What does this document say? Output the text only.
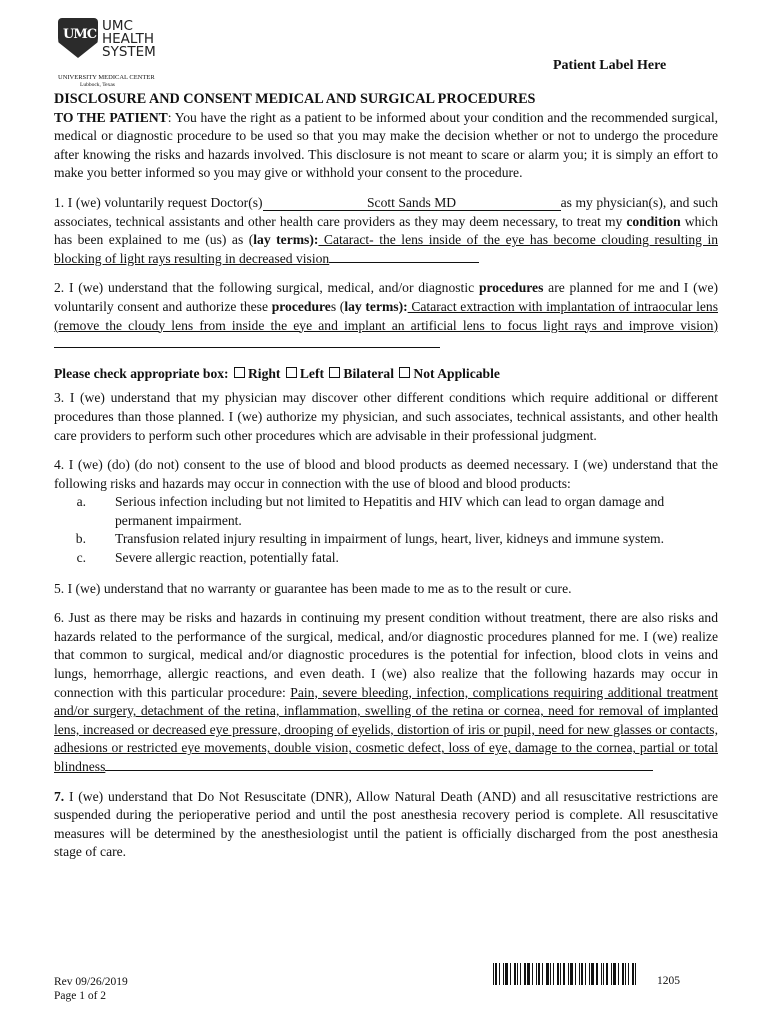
UMC
UMC
HEALTH
SYSTEM
UNIVERSITY MEDICAL CENTER
Lubbock, Texas
Patient Label Here

DISCLOSURE AND CONSENT MEDICAL AND SURGICAL PROCEDURES

TO THE PATIENT: You have the right as a patient to be informed about your condition and the recommended surgical, medical or diagnostic procedure to be used so that you may make the decision whether or not to undergo the procedure after knowing the risks and hazards involved. This disclosure is not meant to scare or alarm you; it is simply an effort to make you better informed so you may give or withhold your consent to the procedure.

1. I (we) voluntarily request Doctor(s)	Scott Sands MD	as my physician(s), and such associates, technical assistants and other health care providers as they may deem necessary, to treat my condition which has been explained to me (us) as (lay terms): Cataract- the lens inside of the eye has become clouding resulting in blocking of light rays resulting in decreased vision

2. I (we) understand that the following surgical, medical, and/or diagnostic procedures are planned for me and I (we) voluntarily consent and authorize these procedures (lay terms): Cataract extraction with implantation of intraocular lens (remove the cloudy lens from inside the eye and implant an artificial lens to focus light rays and improve vision)

Please check appropriate box: Right Left Bilateral Not Applicable

3. I (we) understand that my physician may discover other different conditions which require additional or different procedures than those planned. I (we) authorize my physician, and such associates, technical assistants, and other health care providers to perform such other procedures which are advisable in their professional judgment.

4. I (we) (do) (do not) consent to the use of blood and blood products as deemed necessary. I (we) understand that the following risks and hazards may occur in connection with the use of blood and blood products:

a.	Serious infection including but not limited to Hepatitis and HIV which can lead to organ damage and permanent impairment.
b.	Transfusion related injury resulting in impairment of lungs, heart, liver, kidneys and immune system.
c.	Severe allergic reaction, potentially fatal.

5. I (we) understand that no warranty or guarantee has been made to me as to the result or cure.

6. Just as there may be risks and hazards in continuing my present condition without treatment, there are also risks and hazards related to the performance of the surgical, medical, and/or diagnostic procedures planned for me. I (we) realize that common to surgical, medical and/or diagnostic procedures is the potential for infection, blood clots in veins and lungs, hemorrhage, allergic reactions, and even death. I (we) also realize that the following hazards may occur in connection with this particular procedure: Pain, severe bleeding, infection, complications requiring additional treatment and/or surgery, detachment of the retina, inflammation, swelling of the retina or cornea, need for removal of implanted lens, increased or decreased eye pressure, drooping of eyelids, distortion of iris or pupil, need for new glasses or contacts, adhesions or restricted eye movements, double vision, cosmetic defect, loss of eye, damage to the cornea, partial or total blindness

7. I (we) understand that Do Not Resuscitate (DNR), Allow Natural Death (AND) and all resuscitative restrictions are suspended during the perioperative period and until the post anesthesia recovery period is complete. All resuscitative measures will be determined by the anesthesiologist until the patient is officially discharged from the post anesthesia stage of care.

Rev 09/26/2019
Page 1 of 2
1205
